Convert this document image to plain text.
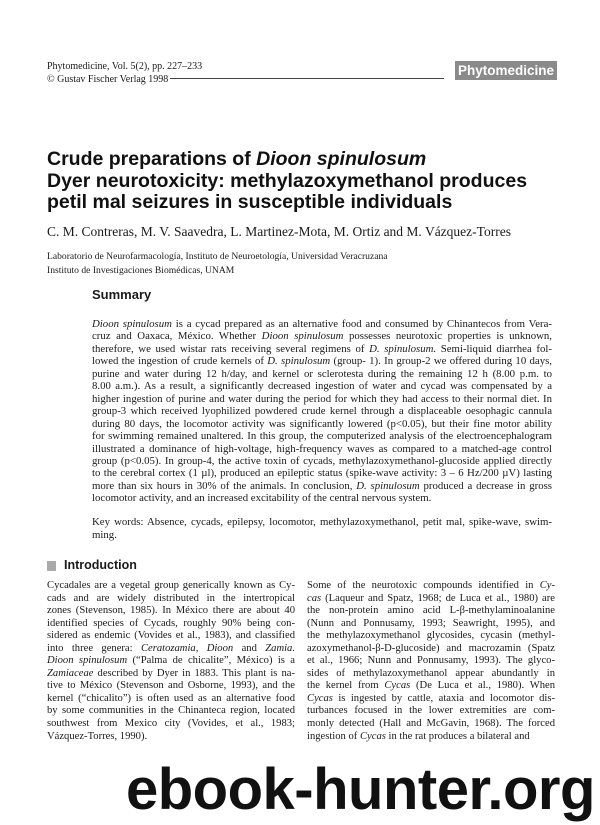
Phytomedicine, Vol. 5(2), pp. 227–233
© Gustav Fischer Verlag 1998
Phytomedicine
Crude preparations of Dioon spinulosum
Dyer neurotoxicity: methylazoxymethanol produces
petil mal seizures in susceptible individuals
C. M. Contreras, M. V. Saavedra, L. Martinez-Mota, M. Ortiz and M. Vázquez-Torres
Laboratorio de Neurofarmacología, Instituto de Neuroetología, Universidad Veracruzana
Instituto de Investigaciones Biomédicas, UNAM
Summary
Dioon spinulosum is a cycad prepared as an alternative food and consumed by Chinantecos from Vera-
cruz and Oaxaca, México. Whether Dioon spinulosum possesses neurotoxic properties is unknown,
therefore, we used wistar rats receiving several regimens of D. spinulosum. Semi-liquid diarrhea fol-
lowed the ingestion of crude kernels of D. spinulosum (group- 1). In group-2 we offered during 10 days,
purine and water during 12 h/day, and kernel or sclerotesta during the remaining 12 h (8.00 p.m. to
8.00 a.m.). As a result, a significantly decreased ingestion of water and cycad was compensated by a
higher ingestion of purine and water during the period for which they had access to their normal diet. In
group-3 which received lyophilized powdered crude kernel through a displaceable oesophagic cannula
during 80 days, the locomotor activity was significantly lowered (p<0.05), but their fine motor ability
for swimming remained unaltered. In this group, the computerized analysis of the electroencephalogram
illustrated a dominance of high-voltage, high-frequency waves as compared to a matched-age control
group (p<0.05). In group-4, the active toxin of cycads, methylazoxymethanol-glucoside applied directly
to the cerebral cortex (1 µl), produced an epileptic status (spike-wave activity: 3 – 6 Hz/200 µV) lasting
more than six hours in 30% of the animals. In conclusion, D. spinulosum produced a decrease in gross
locomotor activity, and an increased excitability of the central nervous system.
Key words: Absence, cycads, epilepsy, locomotor, methylazoxymethanol, petit mal, spike-wave, swim-
ming.
Introduction
Cycadales are a vegetal group generically known as Cy-
cads and are widely distributed in the intertropical
zones (Stevenson, 1985). In México there are about 40
identified species of Cycads, roughly 90% being con-
sidered as endemic (Vovides et al., 1983), and classified
into three genera: Ceratozamia, Dioon and Zamia.
Dioon spinulosum (“Palma de chicalite”, México) is a
Zamiaceae described by Dyer in 1883. This plant is na-
tive to México (Stevenson and Osborne, 1993), and the
kernel (“chicalito”) is often used as an alternative food
by some communities in the Chinanteca region, located
southwest from Mexico city (Vovides, et al., 1983;
Vázquez-Torres, 1990).
Some of the neurotoxic compounds identified in Cy-
cas (Laqueur and Spatz, 1968; de Luca et al., 1980) are
the non-protein amino acid L-β-methylaminoalanine
(Nunn and Ponnusamy, 1993; Seawright, 1995), and
the methylazoxymethanol glycosides, cycasin (methyl-
azoxymethanol-β-D-glucoside) and macrozamin (Spatz
et al., 1966; Nunn and Ponnusamy, 1993). The glyco-
sides of methylazoxymethanol appear abundantly in
the kernel from Cycas (De Luca et al., 1980). When
Cycas is ingested by cattle, ataxia and locomotor dis-
turbances focused in the lower extremities are com-
monly detected (Hall and McGavin, 1968). The forced
ingestion of Cycas in the rat produces a bilateral and
ebook-hunter.org
